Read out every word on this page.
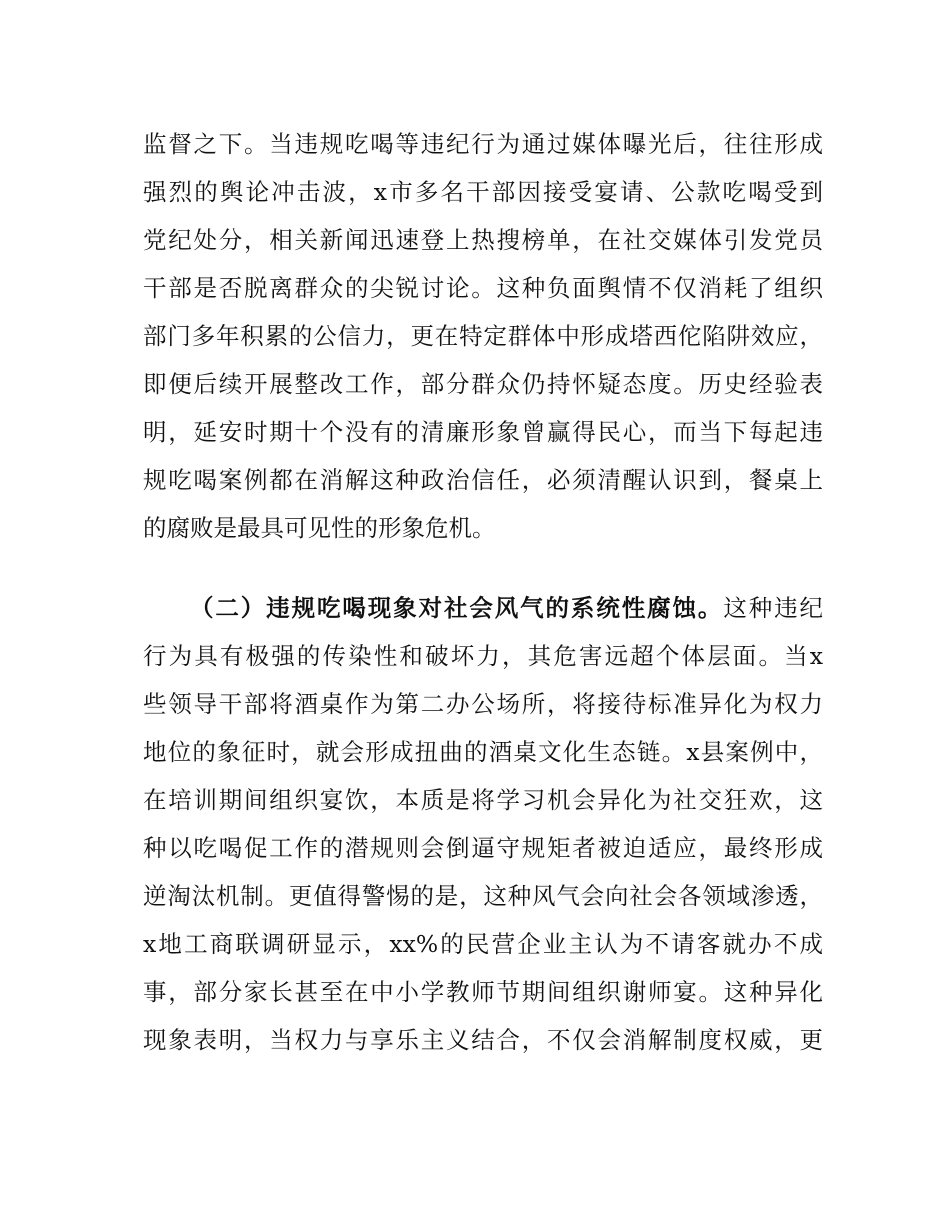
监督之下。当违规吃喝等违纪行为通过媒体曝光后，往往形成
强烈的舆论冲击波，x市多名干部因接受宴请、公款吃喝受到
党纪处分，相关新闻迅速登上热搜榜单，在社交媒体引发党员
干部是否脱离群众的尖锐讨论。这种负面舆情不仅消耗了组织
部门多年积累的公信力，更在特定群体中形成塔西佗陷阱效应，
即便后续开展整改工作，部分群众仍持怀疑态度。历史经验表
明，延安时期十个没有的清廉形象曾赢得民心，而当下每起违
规吃喝案例都在消解这种政治信任，必须清醒认识到，餐桌上
的腐败是最具可见性的形象危机。
（二）违规吃喝现象对社会风气的系统性腐蚀。这种违纪
行为具有极强的传染性和破坏力，其危害远超个体层面。当x
些领导干部将酒桌作为第二办公场所，将接待标准异化为权力
地位的象征时，就会形成扭曲的酒桌文化生态链。x县案例中，
在培训期间组织宴饮，本质是将学习机会异化为社交狂欢，这
种以吃喝促工作的潜规则会倒逼守规矩者被迫适应，最终形成
逆淘汰机制。更值得警惕的是，这种风气会向社会各领域渗透，
x地工商联调研显示，xx%的民营企业主认为不请客就办不成
事，部分家长甚至在中小学教师节期间组织谢师宴。这种异化
现象表明，当权力与享乐主义结合，不仅会消解制度权威，更
